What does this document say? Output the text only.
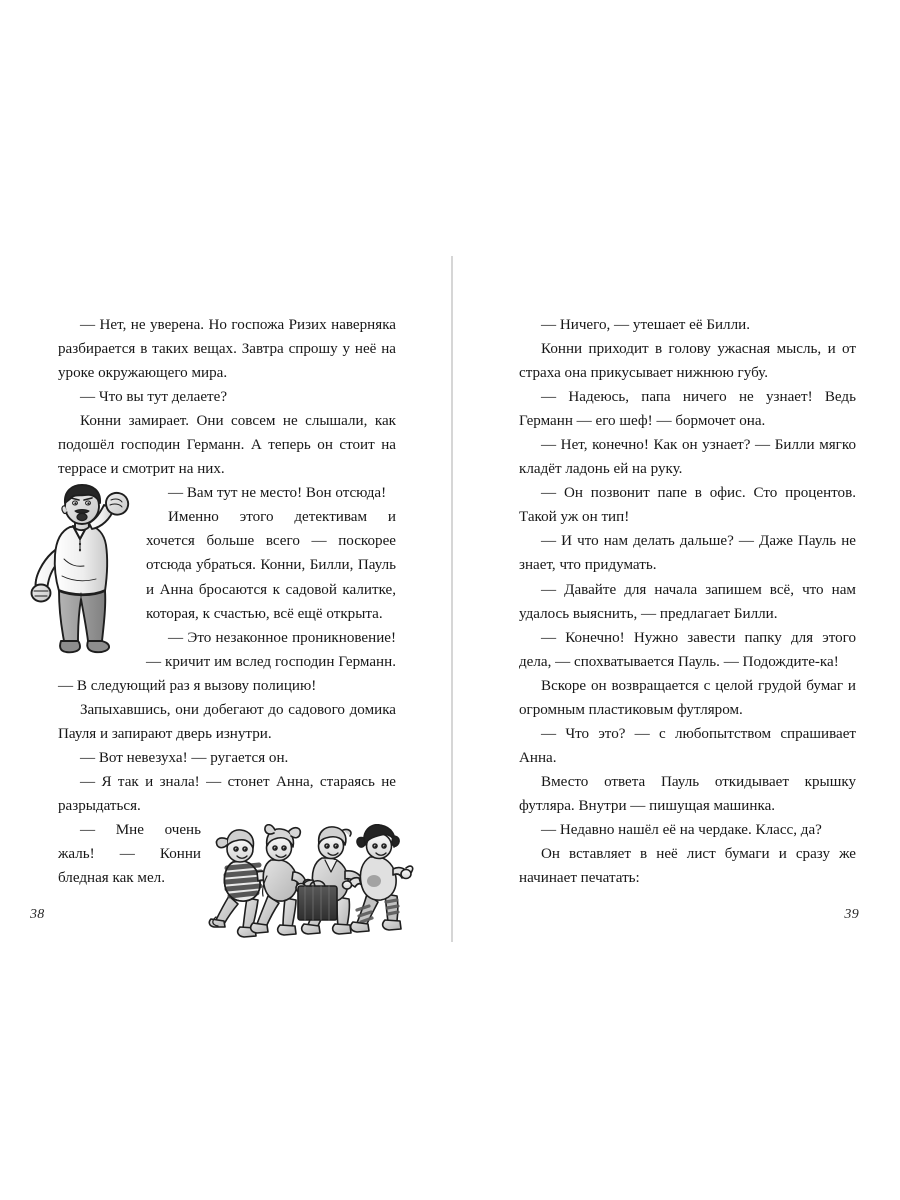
— Нет, не уверена. Но госпожа Ризих наверняка разбирается в таких вещах. Завтра спрошу у неё на уроке окружающего мира.

— Что вы тут делаете?

Конни замирает. Они совсем не слышали, как подошёл господин Германн. А теперь он стоит на террасе и смотрит на них.

— Вам тут не место! Вон отсюда!

Именно этого детективам и хочется больше всего — поскорее отсюда убраться. Конни, Билли, Пауль и Анна бросаются к садовой калитке, которая, к счастью, всё ещё открыта.

— Это незаконное проникновение! — кричит им вслед господин Германн. — В следующий раз я вызову полицию!

Запыхавшись, они добегают до садового домика Пауля и запирают дверь изнутри.

— Вот невезуха! — ругается он.

— Я так и знала! — стонет Анна, стараясь не разрыдаться.

— Мне очень жаль! — Конни бледная как мел.

38

— Ничего, — утешает её Билли.

Конни приходит в голову ужасная мысль, и от страха она прикусывает нижнюю губу.

— Надеюсь, папа ничего не узнает! Ведь Германн — его шеф! — бормочет она.

— Нет, конечно! Как он узнает? — Билли мягко кладёт ладонь ей на руку.

— Он позвонит папе в офис. Сто процентов. Такой уж он тип!

— И что нам делать дальше? — Даже Пауль не знает, что придумать.

— Давайте для начала запишем всё, что нам удалось выяснить, — предлагает Билли.

— Конечно! Нужно завести папку для этого дела, — спохватывается Пауль. — Подождите-ка!

Вскоре он возвращается с целой грудой бумаг и огромным пластиковым футляром.

— Что это? — с любопытством спрашивает Анна.

Вместо ответа Пауль откидывает крышку футляра. Внутри — пишущая машинка.

— Недавно нашёл её на чердаке. Класс, да?

Он вставляет в неё лист бумаги и сразу же начинает печатать:

39
